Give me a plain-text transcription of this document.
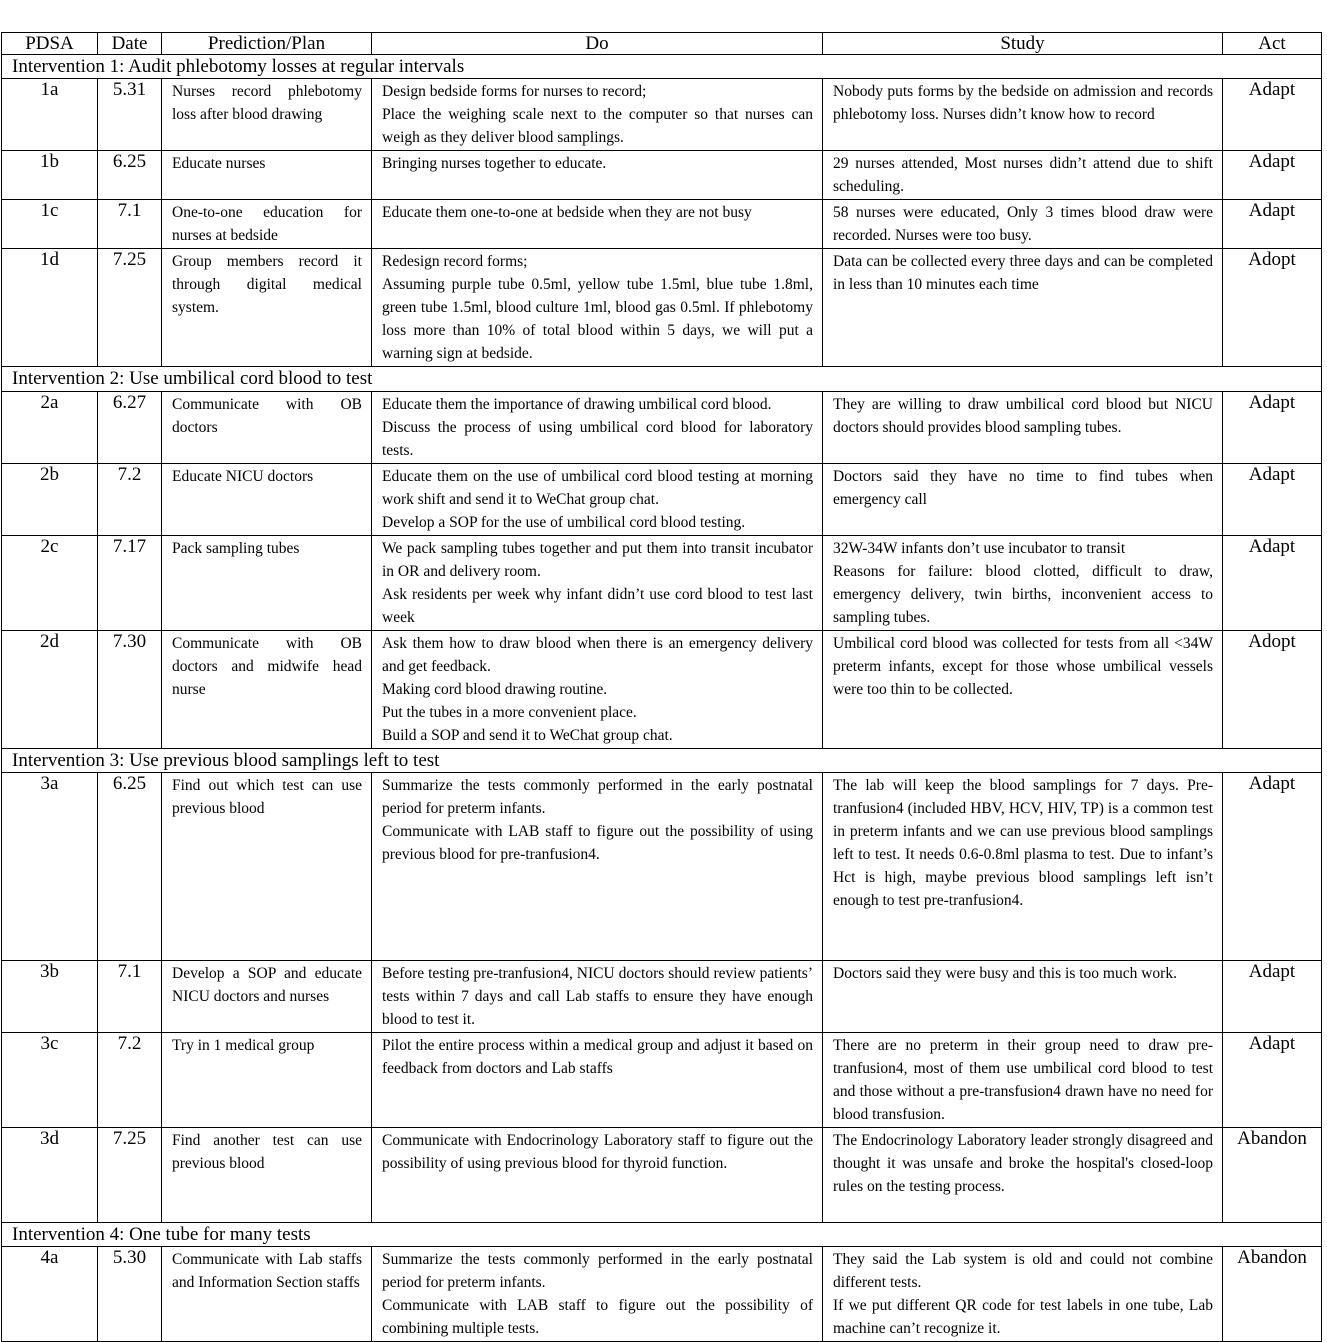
PDSA	Date	Prediction/Plan	Do	Study	Act
Intervention 1: Audit phlebotomy losses at regular intervals					
1a	5.31	Nurses record phlebotomy loss after blood drawing	Design bedside forms for nurses to record;
Place the weighing scale next to the computer so that nurses can weigh as they deliver blood samplings.	Nobody puts forms by the bedside on admission and records phlebotomy loss. Nurses didn’t know how to record	Adapt
1b	6.25	Educate nurses	Bringing nurses together to educate.	29 nurses attended, Most nurses didn’t attend due to shift scheduling.	Adapt
1c	7.1	One-to-one education for nurses at bedside	Educate them one-to-one at bedside when they are not busy	58 nurses were educated, Only 3 times blood draw were recorded. Nurses were too busy.	Adapt
1d	7.25	Group members record it through digital medical system.	Redesign record forms;
Assuming purple tube 0.5ml, yellow tube 1.5ml, blue tube 1.8ml, green tube 1.5ml, blood culture 1ml, blood gas 0.5ml. If phlebotomy loss more than 10% of total blood within 5 days, we will put a warning sign at bedside.	Data can be collected every three days and can be completed in less than 10 minutes each time	Adopt
Intervention 2: Use umbilical cord blood to test					
2a	6.27	Communicate with OB doctors	Educate them the importance of drawing umbilical cord blood.
Discuss the process of using umbilical cord blood for laboratory tests.	They are willing to draw umbilical cord blood but NICU doctors should provides blood sampling tubes.	Adapt
2b	7.2	Educate NICU doctors	Educate them on the use of umbilical cord blood testing at morning work shift and send it to WeChat group chat.
Develop a SOP for the use of umbilical cord blood testing.	Doctors said they have no time to find tubes when emergency call	Adapt
2c	7.17	Pack sampling tubes	We pack sampling tubes together and put them into transit incubator in OR and delivery room.
Ask residents per week why infant didn’t use cord blood to test last week	32W-34W infants don’t use incubator to transit
Reasons for failure: blood clotted, difficult to draw, emergency delivery, twin births, inconvenient access to sampling tubes.	Adapt
2d	7.30	Communicate with OB doctors and midwife head nurse	Ask them how to draw blood when there is an emergency delivery and get feedback.
Making cord blood drawing routine.
Put the tubes in a more convenient place.
Build a SOP and send it to WeChat group chat.	Umbilical cord blood was collected for tests from all <34W preterm infants, except for those whose umbilical vessels were too thin to be collected.	Adopt
Intervention 3: Use previous blood samplings left to test					
3a	6.25	Find out which test can use previous blood	Summarize the tests commonly performed in the early postnatal period for preterm infants.
Communicate with LAB staff to figure out the possibility of using previous blood for pre-tranfusion4.	The lab will keep the blood samplings for 7 days. Pre-tranfusion4 (included HBV, HCV, HIV, TP) is a common test in preterm infants and we can use previous blood samplings left to test. It needs 0.6-0.8ml plasma to test. Due to infant’s Hct is high, maybe previous blood samplings left isn’t enough to test pre-tranfusion4.	Adapt
3b	7.1	Develop a SOP and educate NICU doctors and nurses	Before testing pre-tranfusion4, NICU doctors should review patients’ tests within 7 days and call Lab staffs to ensure they have enough blood to test it.	Doctors said they were busy and this is too much work.	Adapt
3c	7.2	Try in 1 medical group	Pilot the entire process within a medical group and adjust it based on feedback from doctors and Lab staffs	There are no preterm in their group need to draw pre-tranfusion4, most of them use umbilical cord blood to test and those without a pre-transfusion4 drawn have no need for blood transfusion.	Adapt
3d	7.25	Find another test can use previous blood	Communicate with Endocrinology Laboratory staff to figure out the possibility of using previous blood for thyroid function.	The Endocrinology Laboratory leader strongly disagreed and thought it was unsafe and broke the hospital's closed-loop rules on the testing process.	Abandon
Intervention 4: One tube for many tests					
4a	5.30	Communicate with Lab staffs and Information Section staffs	Summarize the tests commonly performed in the early postnatal period for preterm infants.
Communicate with LAB staff to figure out the possibility of combining multiple tests.	They said the Lab system is old and could not combine different tests.
If we put different QR code for test labels in one tube, Lab machine can’t recognize it.	Abandon
